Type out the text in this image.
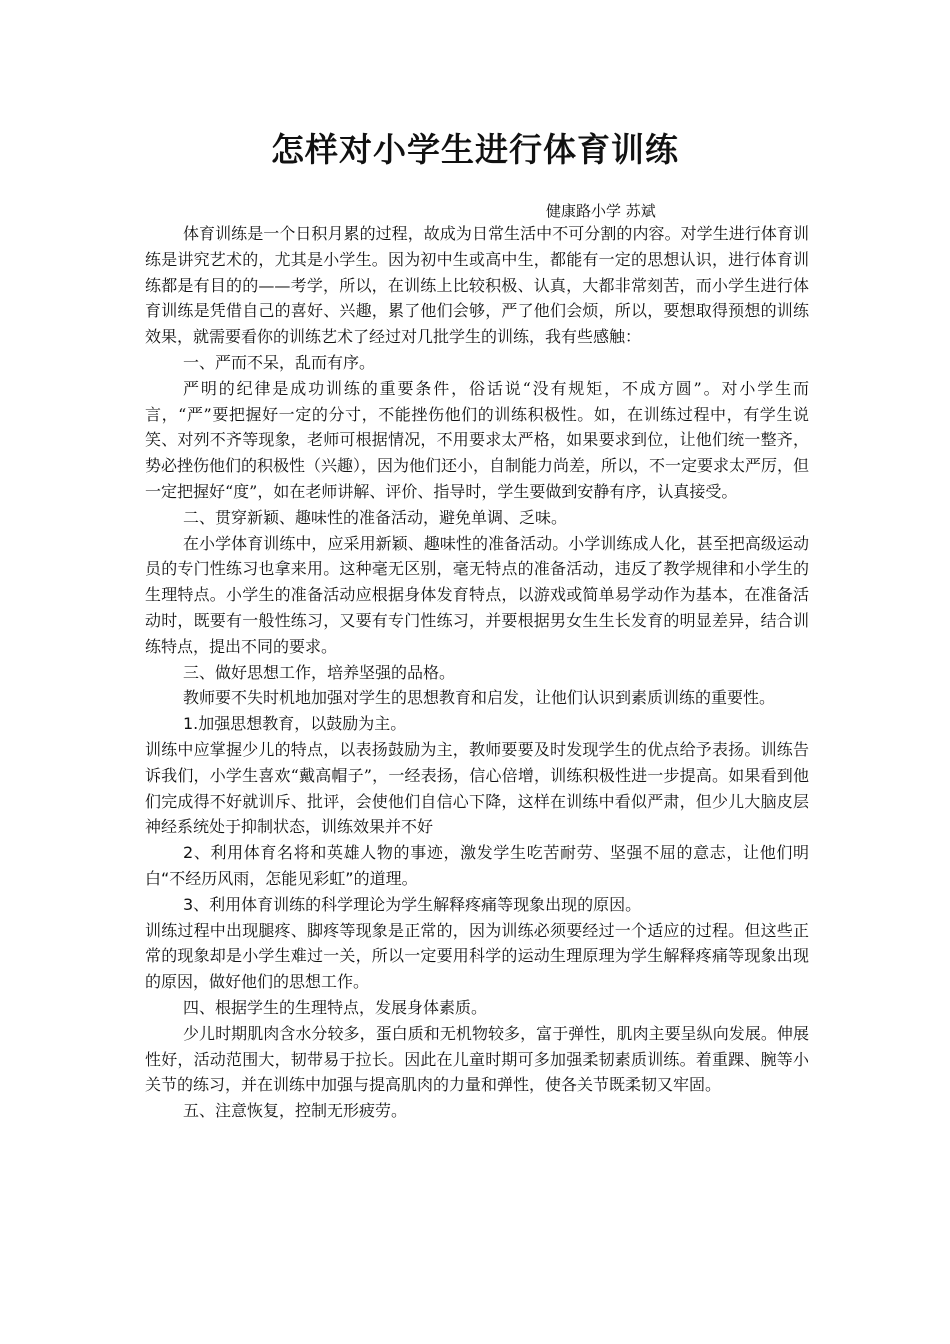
怎样对小学生进行体育训练

健康路小学 苏斌

体育训练是一个日积月累的过程，故成为日常生活中不可分割的内容。对学生进行体育训练是讲究艺术的，尤其是小学生。因为初中生或高中生，都能有一定的思想认识，进行体育训练都是有目的的——考学，所以，在训练上比较积极、认真，大都非常刻苦，而小学生进行体育训练是凭借自己的喜好、兴趣，累了他们会够，严了他们会烦，所以，要想取得预想的训练效果，就需要看你的训练艺术了经过对几批学生的训练，我有些感触：

一、严而不呆，乱而有序。

严明的纪律是成功训练的重要条件，俗话说“没有规矩，不成方圆”。对小学生而言，“严”要把握好一定的分寸，不能挫伤他们的训练积极性。如，在训练过程中，有学生说笑、对列不齐等现象，老师可根据情况，不用要求太严格，如果要求到位，让他们统一整齐，势必挫伤他们的积极性（兴趣），因为他们还小，自制能力尚差，所以，不一定要求太严厉，但一定把握好“度”，如在老师讲解、评价、指导时，学生要做到安静有序，认真接受。

二、贯穿新颖、趣味性的准备活动，避免单调、乏味。

在小学体育训练中，应采用新颖、趣味性的准备活动。小学训练成人化，甚至把高级运动员的专门性练习也拿来用。这种毫无区别，毫无特点的准备活动，违反了教学规律和小学生的生理特点。小学生的准备活动应根据身体发育特点，以游戏或简单易学动作为基本，在准备活动时，既要有一般性练习，又要有专门性练习，并要根据男女生生长发育的明显差异，结合训练特点，提出不同的要求。

三、做好思想工作，培养坚强的品格。

教师要不失时机地加强对学生的思想教育和启发，让他们认识到素质训练的重要性。

1.加强思想教育，以鼓励为主。

训练中应掌握少儿的特点，以表扬鼓励为主，教师要要及时发现学生的优点给予表扬。训练告诉我们，小学生喜欢“戴高帽子”，一经表扬，信心倍增，训练积极性进一步提高。如果看到他们完成得不好就训斥、批评，会使他们自信心下降，这样在训练中看似严肃，但少儿大脑皮层神经系统处于抑制状态，训练效果并不好

2、利用体育名将和英雄人物的事迹，激发学生吃苦耐劳、坚强不屈的意志，让他们明白“不经历风雨，怎能见彩虹”的道理。

3、利用体育训练的科学理论为学生解释疼痛等现象出现的原因。

训练过程中出现腿疼、脚疼等现象是正常的，因为训练必须要经过一个适应的过程。但这些正常的现象却是小学生难过一关，所以一定要用科学的运动生理原理为学生解释疼痛等现象出现的原因，做好他们的思想工作。

四、根据学生的生理特点，发展身体素质。

少儿时期肌肉含水分较多，蛋白质和无机物较多，富于弹性，肌肉主要呈纵向发展。伸展性好，活动范围大，韧带易于拉长。因此在儿童时期可多加强柔韧素质训练。着重踝、腕等小关节的练习，并在训练中加强与提高肌肉的力量和弹性，使各关节既柔韧又牢固。

五、注意恢复，控制无形疲劳。
